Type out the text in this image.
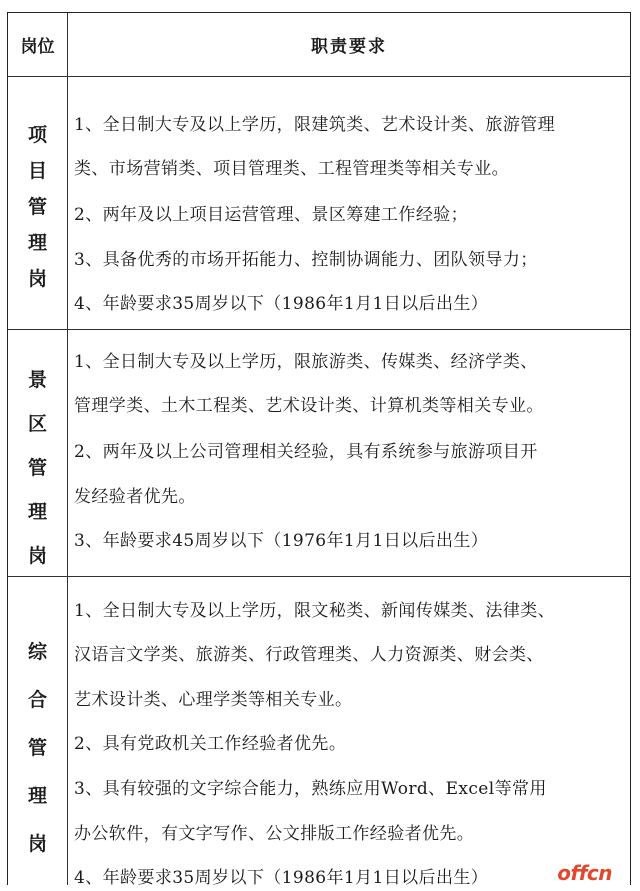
岗位	职责要求
项
目
管
理
岗
1、全日制大专及以上学历，限建筑类、艺术设计类、旅游管理
类、市场营销类、项目管理类、工程管理类等相关专业。
2、两年及以上项目运营管理、景区筹建工作经验；
3、具备优秀的市场开拓能力、控制协调能力、团队领导力；
4、年龄要求35周岁以下（1986年1月1日以后出生）
景
区
管
理
岗
1、全日制大专及以上学历，限旅游类、传媒类、经济学类、
管理学类、土木工程类、艺术设计类、计算机类等相关专业。
2、两年及以上公司管理相关经验，具有系统参与旅游项目开
发经验者优先。
3、年龄要求45周岁以下（1976年1月1日以后出生）
综
合
管
理
岗
1、全日制大专及以上学历，限文秘类、新闻传媒类、法律类、
汉语言文学类、旅游类、行政管理类、人力资源类、财会类、
艺术设计类、心理学类等相关专业。
2、具有党政机关工作经验者优先。
3、具有较强的文字综合能力，熟练应用Word、Excel等常用
办公软件，有文字写作、公文排版工作经验者优先。
4、年龄要求35周岁以下（1986年1月1日以后出生）	offcn
